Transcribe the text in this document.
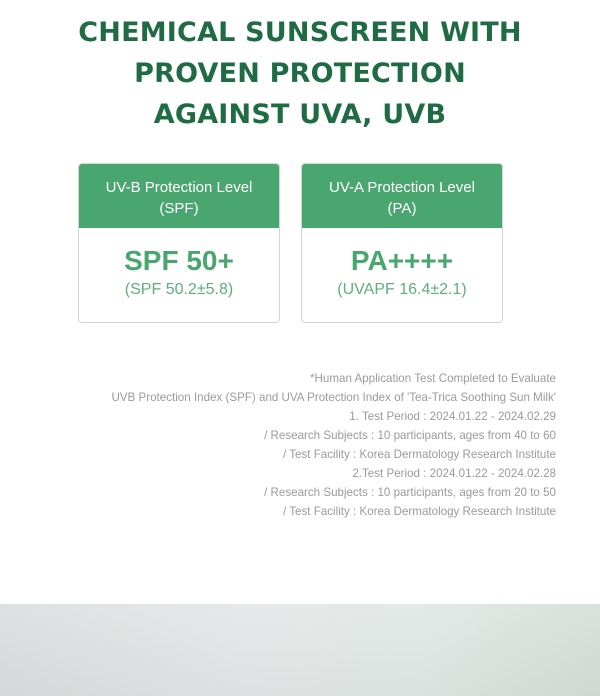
CHEMICAL SUNSCREEN WITH
PROVEN PROTECTION
AGAINST UVA, UVB
UV-B Protection Level
(SPF)
SPF 50+
(SPF 50.2±5.8)
UV-A Protection Level
(PA)
PA++++
(UVAPF 16.4±2.1)
*Human Application Test Completed to Evaluate
UVB Protection Index (SPF) and UVA Protection Index of 'Tea-Trica Soothing Sun Milk'
1. Test Period : 2024.01.22 - 2024.02.29
/ Research Subjects : 10 participants, ages from 40 to 60
/ Test Facility : Korea Dermatology Research Institute
2.Test Period : 2024.01.22 - 2024.02.28
/ Research Subjects : 10 participants, ages from 20 to 50
/ Test Facility : Korea Dermatology Research Institute
